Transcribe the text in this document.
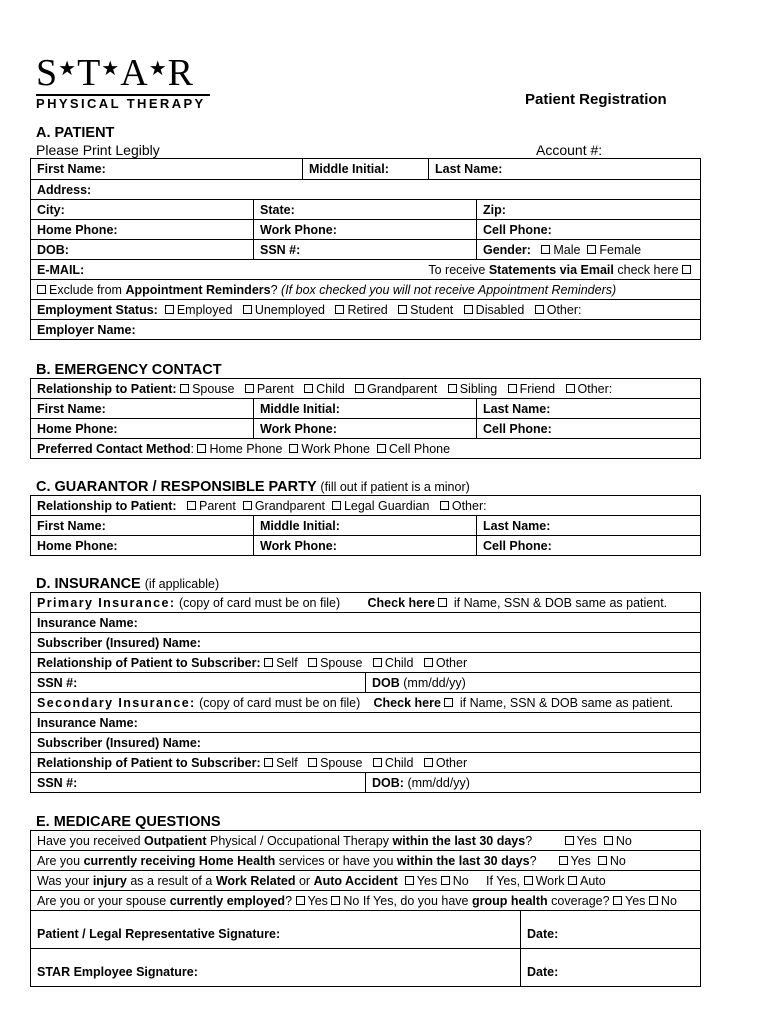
S★T★A★R
PHYSICAL THERAPY	Patient Registration
A. PATIENT
Please Print Legibly	Account #:
First Name:	Middle Initial:	Last Name:
Address:		
City:	State:	Zip:
Home Phone:	Work Phone:	Cell Phone:
DOB:	SSN #:	Gender: Male Female
E-MAIL: To receive Statements via Email check here		

Exclude from Appointment Reminders? (If box checked you will not receive Appointment Reminders)		
Employment Status: Employed Unemployed Retired Student Disabled Other:		
Employer Name:		
B. EMERGENCY CONTACT
Relationship to Patient: Spouse Parent Child Grandparent Sibling Friend Other:		
First Name:	Middle Initial:	Last Name:
Home Phone:	Work Phone:	Cell Phone:
Preferred Contact Method: Home Phone Work Phone Cell Phone		
C. GUARANTOR / RESPONSIBLE PARTY (fill out if patient is a minor)
Relationship to Patient: Parent Grandparent Legal Guardian Other:		
First Name:	Middle Initial:	Last Name:
Home Phone:	Work Phone:	Cell Phone:
D. INSURANCE (if applicable)
Primary Insurance: (copy of card must be on file) Check here if Name, SSN & DOB same as patient.	

Insurance Name:	
Subscriber (Insured) Name:	
Relationship of Patient to Subscriber: Self Spouse Child Other	
SSN #:	DOB (mm/dd/yy)
Secondary Insurance: (copy of card must be on file) Check here if Name, SSN & DOB same as patient.	

Insurance Name:	
Subscriber (Insured) Name:	
Relationship of Patient to Subscriber: Self Spouse Child Other	
SSN #:	DOB: (mm/dd/yy)
E. MEDICARE QUESTIONS
Have you received Outpatient Physical / Occupational Therapy within the last 30 days? Yes No	

Are you currently receiving Home Health services or have you within the last 30 days? Yes No	

Was your injury as a result of a Work Related or Auto Accident Yes No If Yes, Work Auto	
Are you or your spouse currently employed? Yes No If Yes, do you have group health coverage? Yes No	
Patient / Legal Representative Signature:	Date:
STAR Employee Signature:	Date:
